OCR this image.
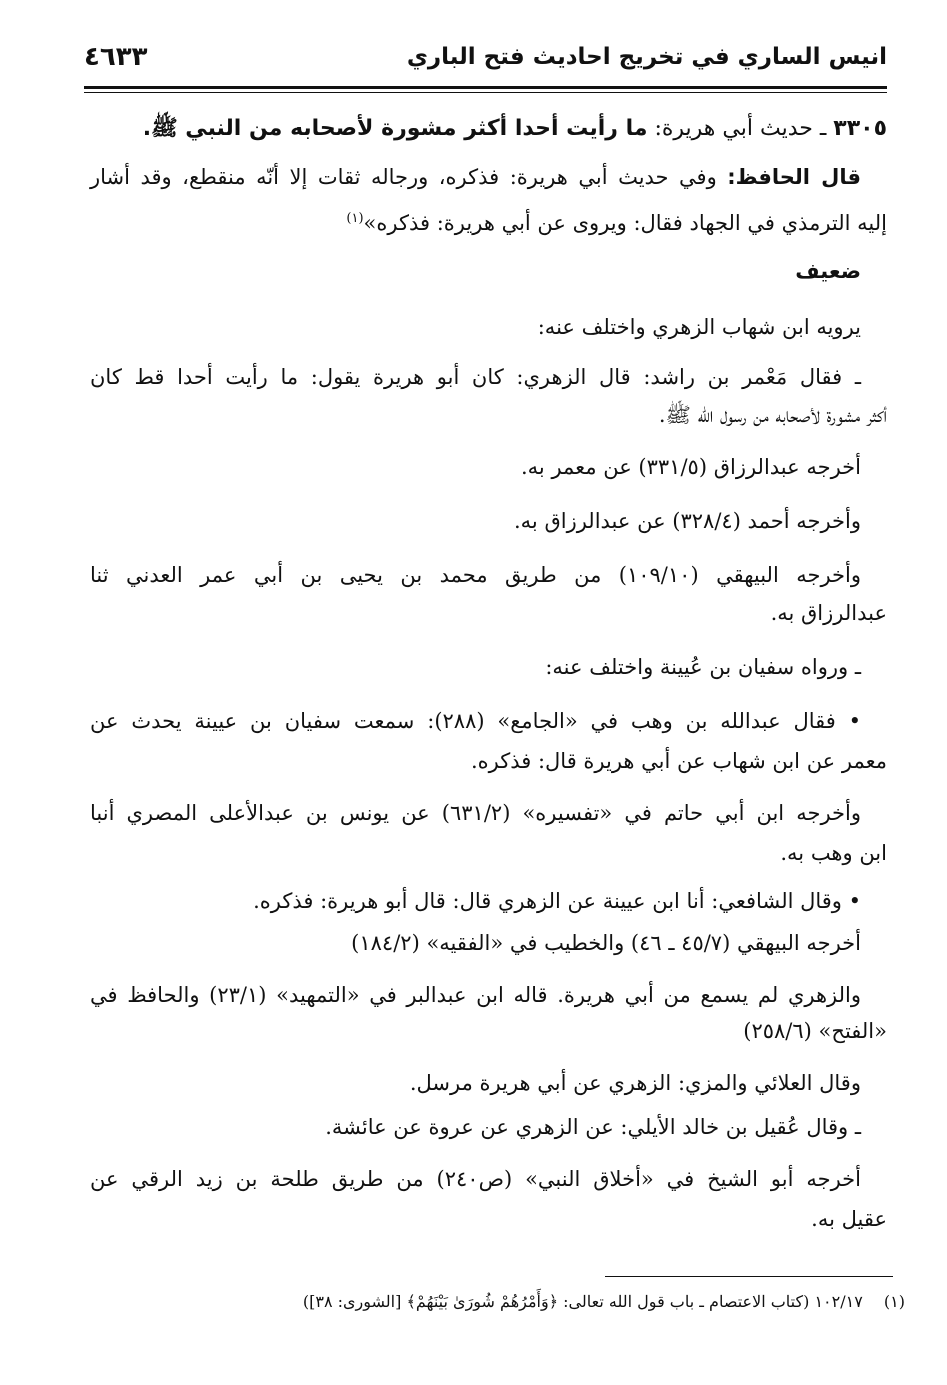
انيس الساري في تخريج احاديث فتح الباري
٤٦٣٣
٣٣٠٥ ـ حديث أبي هريرة: ما رأيت أحدا أكثر مشورة لأصحابه من النبي ﷺ.
قال الحافظ: وفي حديث أبي هريرة: فذكره، ورجاله ثقات إلا أنّه منقطع، وقد أشار
إليه الترمذي في الجهاد فقال: ويروى عن أبي هريرة: فذكره»$^{(١)}$
ضعيف
يرويه ابن شهاب الزهري واختلف عنه:
ـ فقال مَعْمر بن راشد: قال الزهري: كان أبو هريرة يقول: ما رأيت أحدا قط كان
أكثر مشورة لأصحابه من رسول الله ﷺ.
أخرجه عبدالرزاق (٣٣١/٥) عن معمر به.
وأخرجه أحمد (٣٢٨/٤) عن عبدالرزاق به.
وأخرجه البيهقي (١٠٩/١٠) من طريق محمد بن يحيى بن أبي عمر العدني ثنا
عبدالرزاق به.
ـ ورواه سفيان بن عُيينة واختلف عنه:
• فقال عبدالله بن وهب في «الجامع» (٢٨٨): سمعت سفيان بن عيينة يحدث عن
معمر عن ابن شهاب عن أبي هريرة قال: فذكره.
وأخرجه ابن أبي حاتم في «تفسيره» (٦٣١/٢) عن يونس بن عبدالأعلى المصري أنبا
ابن وهب به.
• وقال الشافعي: أنا ابن عيينة عن الزهري قال: قال أبو هريرة: فذكره.
أخرجه البيهقي (٤٥/٧ ـ ٤٦) والخطيب في «الفقيه» (١٨٤/٢)
والزهري لم يسمع من أبي هريرة. قاله ابن عبدالبر في «التمهيد» (٢٣/١) والحافظ في
«الفتح» (٢٥٨/٦)
وقال العلائي والمزي: الزهري عن أبي هريرة مرسل.
ـ وقال عُقيل بن خالد الأيلي: عن الزهري عن عروة عن عائشة.
أخرجه أبو الشيخ في «أخلاق النبي» (ص٢٤٠) من طريق طلحة بن زيد الرقي عن
عقيل به.
(١) ١٠٢/١٧ (كتاب الاعتصام ـ باب قول الله تعالى: ﴿وَأَمْرُهُمْ شُورَىٰ بَيْنَهُمْ﴾ [الشورى: ٣٨])
